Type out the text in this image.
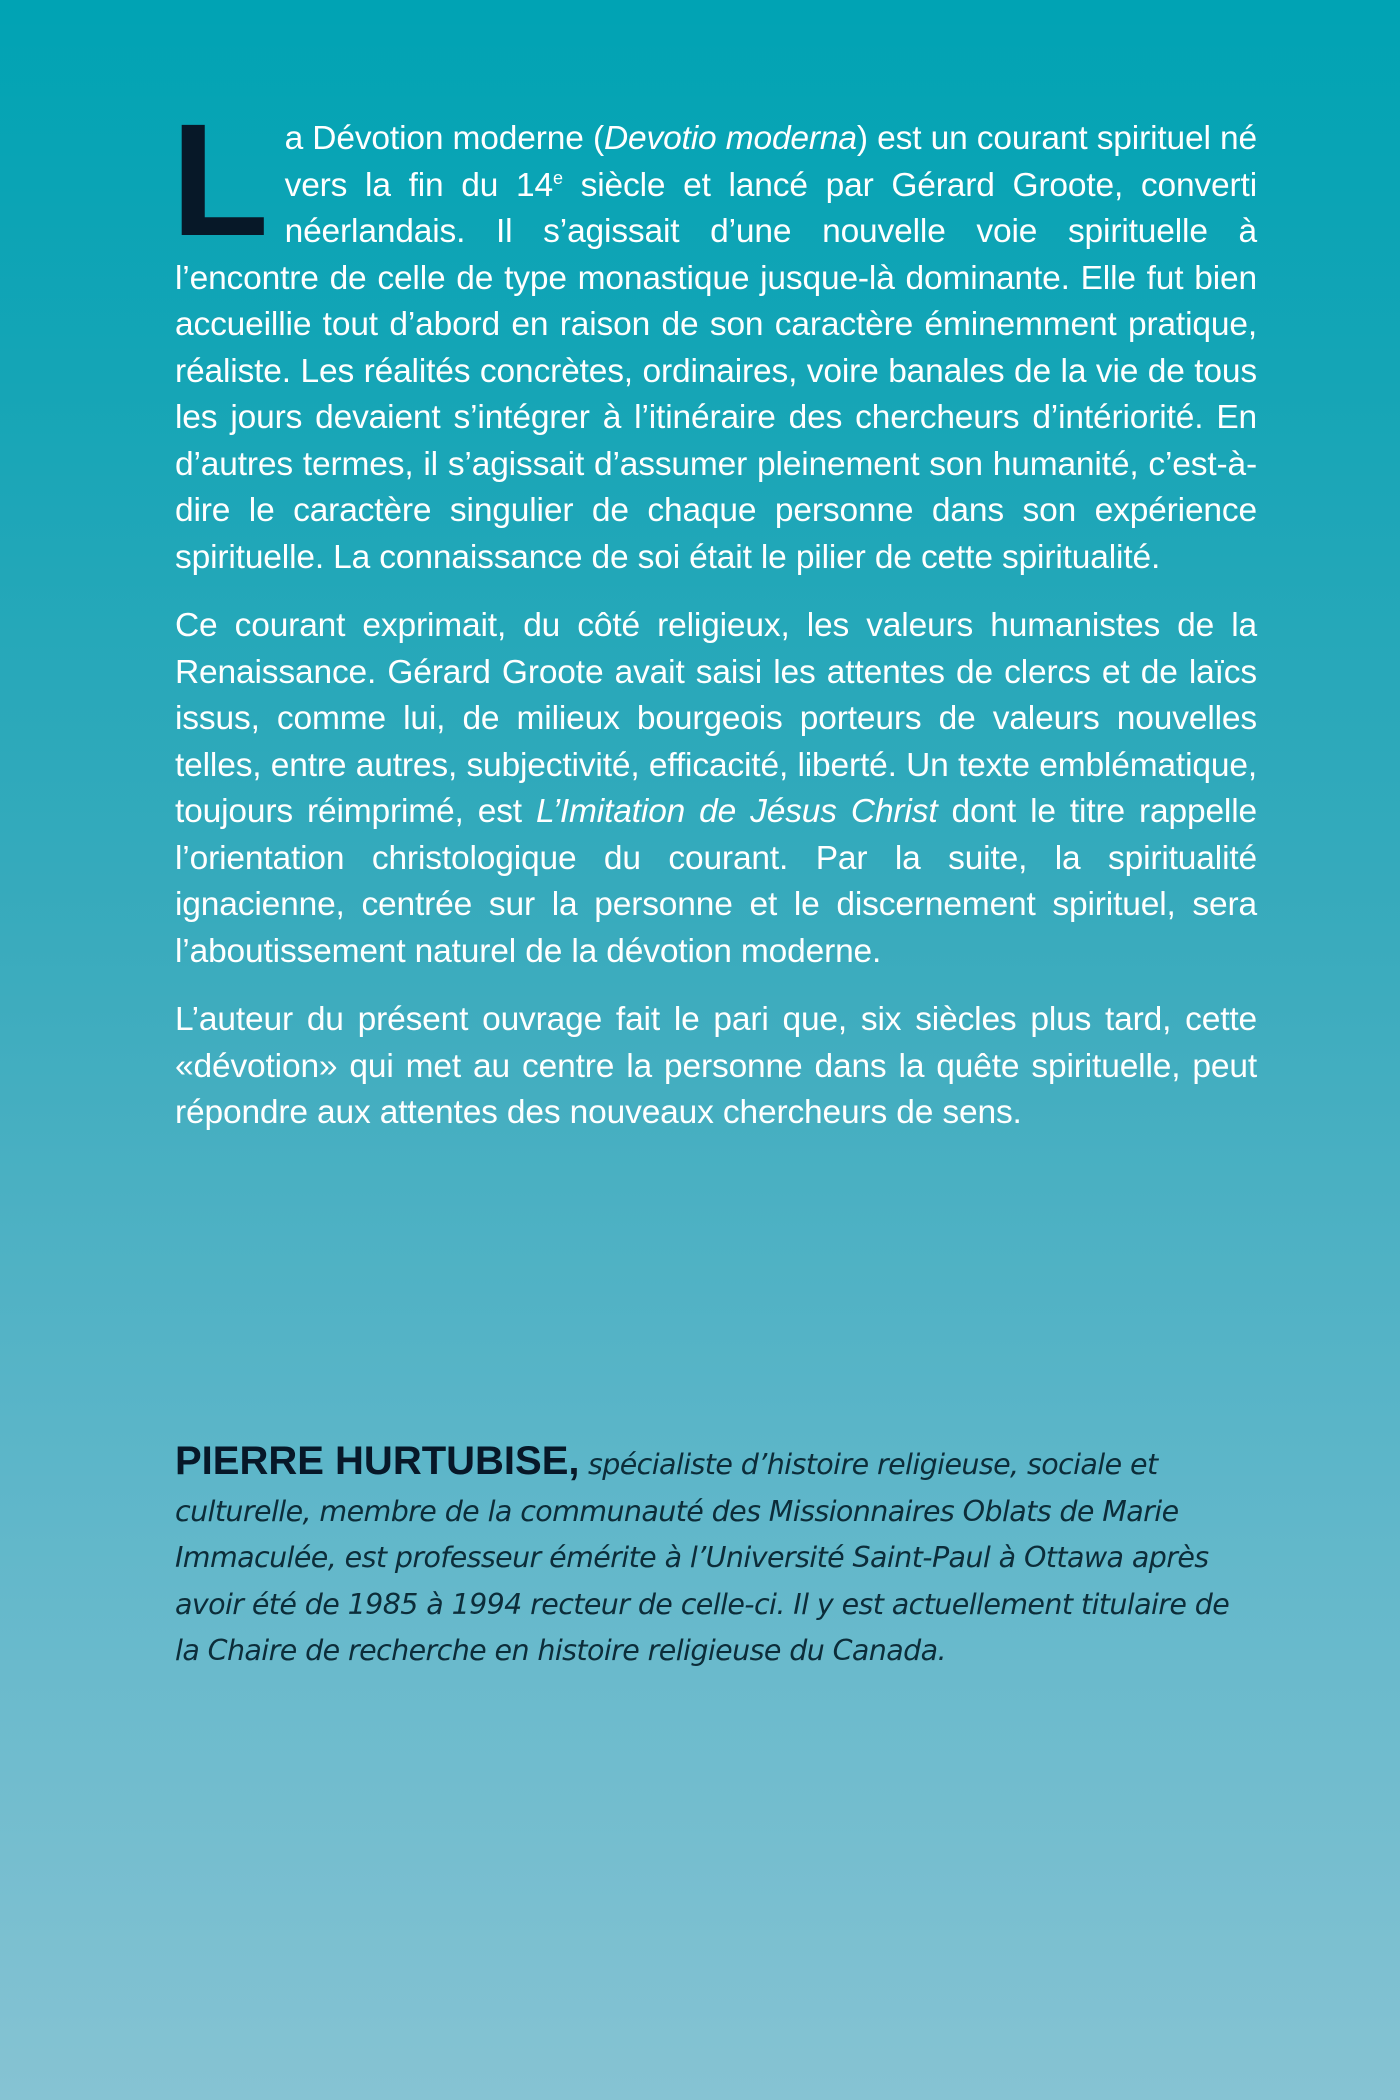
La Dévotion moderne (Devotio moderna) est un courant spirituel né vers la fin du 14e siècle et lancé par Gérard Groote, converti néerlandais. Il s’agissait d’une nouvelle voie spirituelle à l’encontre de celle de type monastique jusque-là dominante. Elle fut bien accueillie tout d’abord en raison de son caractère éminemment pratique, réaliste. Les réalités concrètes, ordinaires, voire banales de la vie de tous les jours devaient s’intégrer à l’itinéraire des chercheurs d’intériorité. En d’autres termes, il s’agissait d’assumer pleinement son humanité, c’est-à-dire le caractère singulier de chaque personne dans son expérience spirituelle. La connaissance de soi était le pilier de cette spiritualité.

Ce courant exprimait, du côté religieux, les valeurs humanistes de la Renaissance. Gérard Groote avait saisi les attentes de clercs et de laïcs issus, comme lui, de milieux bourgeois porteurs de valeurs nouvelles telles, entre autres, subjectivité, efficacité, liberté. Un texte emblématique, toujours réimprimé, est L’Imitation de Jésus Christ dont le titre rappelle l’orientation christologique du courant. Par la suite, la spiritualité ignacienne, centrée sur la personne et le discernement spirituel, sera l’aboutissement naturel de la dévotion moderne.

L’auteur du présent ouvrage fait le pari que, six siècles plus tard, cette «dévotion» qui met au centre la personne dans la quête spirituelle, peut répondre aux attentes des nouveaux chercheurs de sens.

PIERRE HURTUBISE, spécialiste d’histoire religieuse, sociale et culturelle, membre de la communauté des Missionnaires Oblats de Marie Immaculée, est professeur émérite à l’Université Saint-Paul à Ottawa après avoir été de 1985 à 1994 recteur de celle-ci. Il y est actuellement titulaire de la Chaire de recherche en histoire religieuse du Canada.
